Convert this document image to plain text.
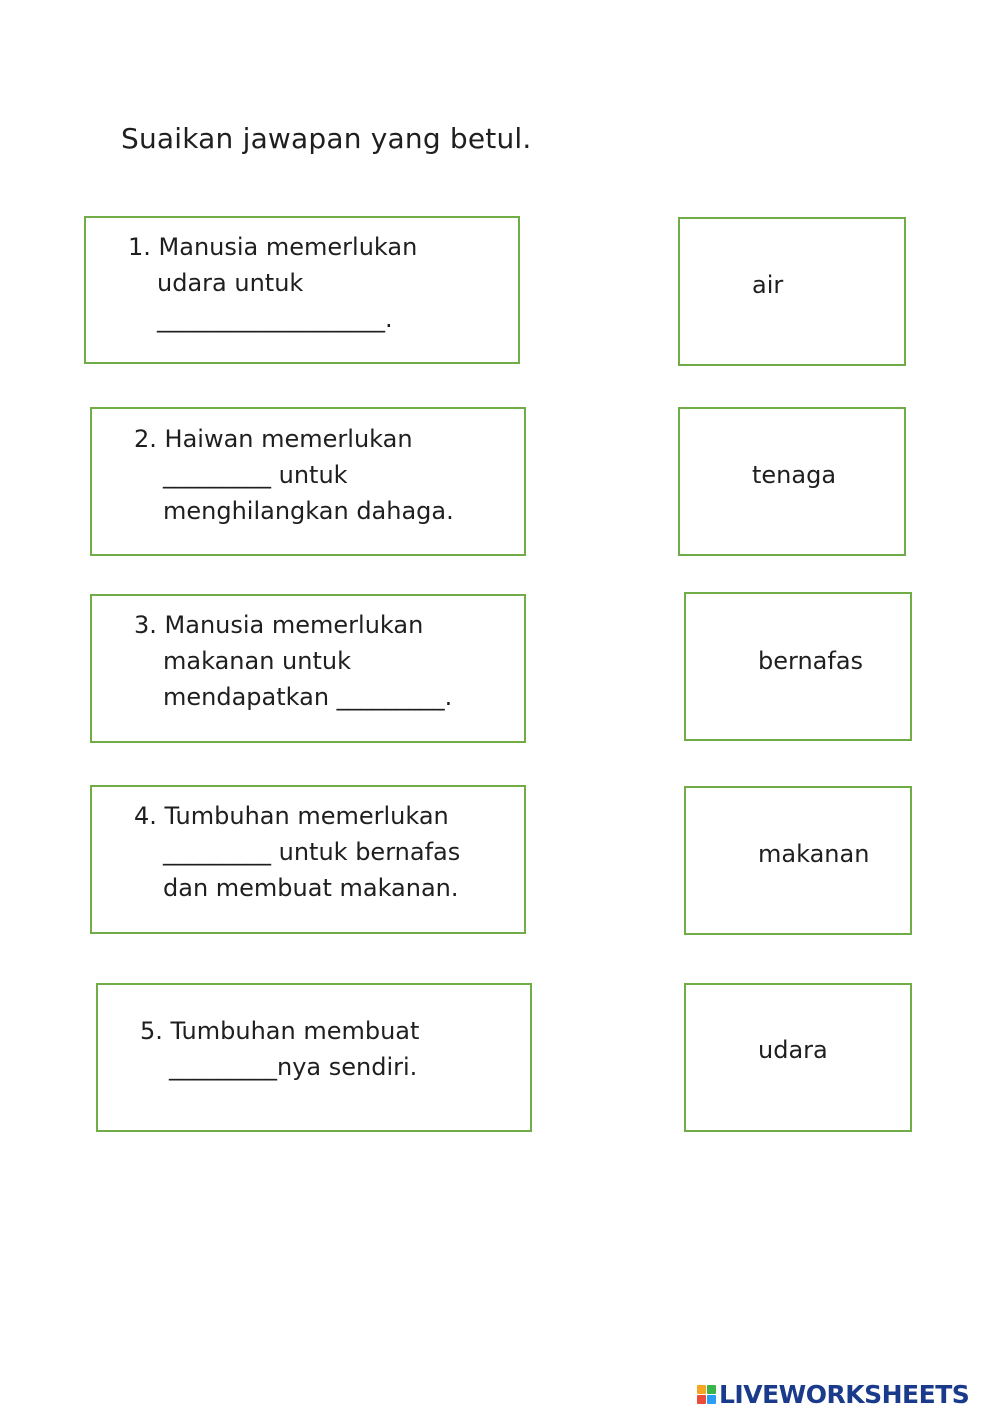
Suaikan jawapan yang betul.
1. Manusia memerlukan
udara untuk
___________________.
2. Haiwan memerlukan
_________ untuk
menghilangkan dahaga.
3. Manusia memerlukan
makanan untuk
mendapatkan _________.
4. Tumbuhan memerlukan
_________ untuk bernafas
dan membuat makanan.
5. Tumbuhan membuat
_________nya sendiri.
air
tenaga
bernafas
makanan
udara
LIVEWORKSHEETS
